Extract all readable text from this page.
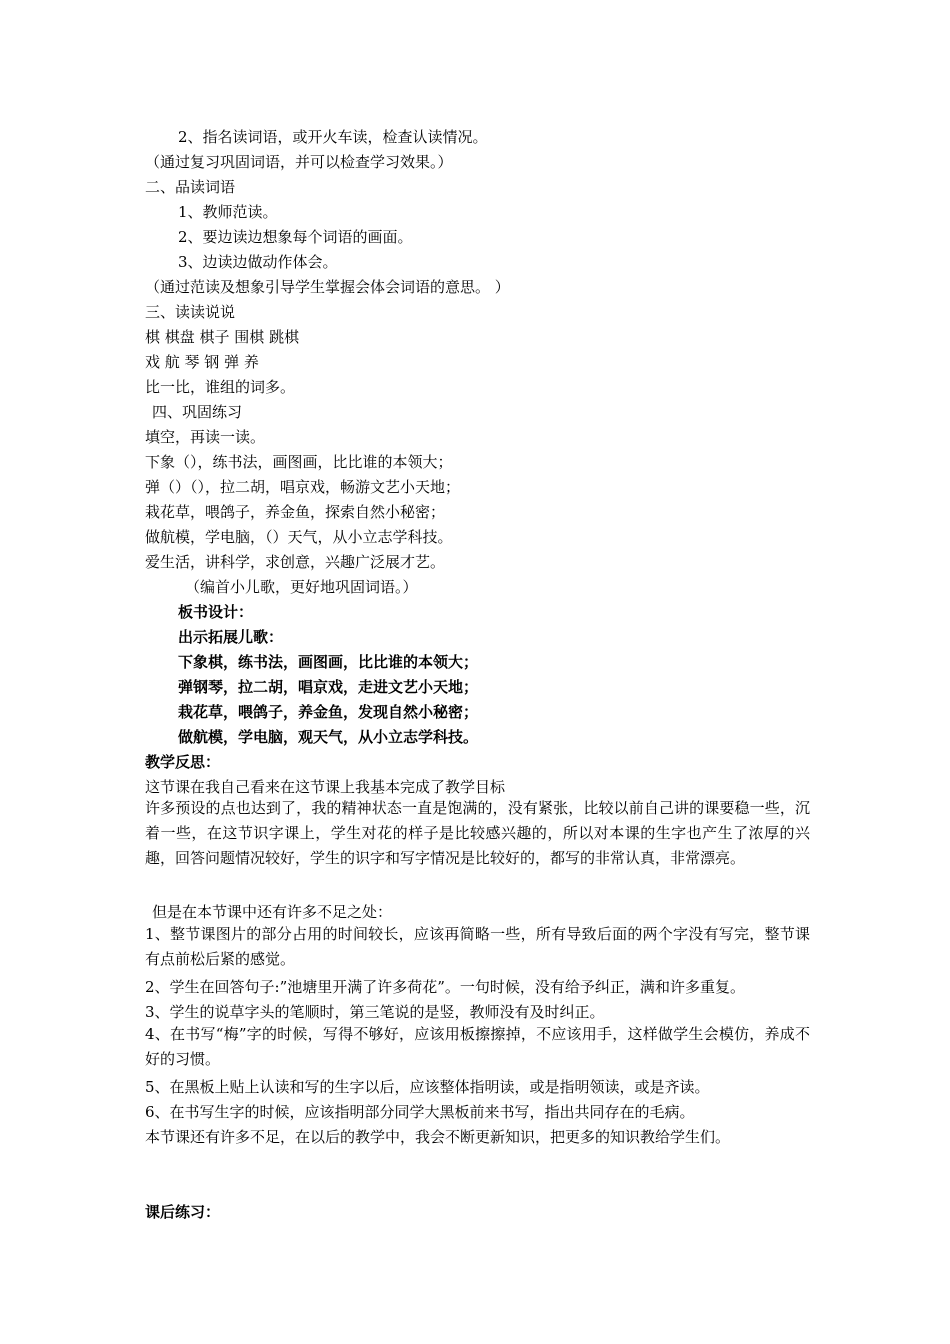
2、指名读词语，或开火车读，检查认读情况。
（通过复习巩固词语，并可以检查学习效果。）
二、品读词语
1、教师范读。
2、要边读边想象每个词语的画面。
3、边读边做动作体会。
（通过范读及想象引导学生掌握会体会词语的意思。 ）
三、读读说说
棋 棋盘 棋子 围棋 跳棋
戏 航 琴 钢 弹 养
比一比，谁组的词多。
四、巩固练习
填空，再读一读。
下象（），练书法，画图画，比比谁的本领大；
弹（）（），拉二胡，唱京戏，畅游文艺小天地；
栽花草，喂鸽子，养金鱼，探索自然小秘密；
做航模，学电脑，（）天气，从小立志学科技。
爱生活，讲科学，求创意，兴趣广泛展才艺。
（编首小儿歌，更好地巩固词语。）
板书设计：
出示拓展儿歌：
下象棋，练书法，画图画，比比谁的本领大；
弹钢琴，拉二胡，唱京戏，走进文艺小天地；
栽花草，喂鸽子，养金鱼，发现自然小秘密；
做航模，学电脑，观天气，从小立志学科技。
教学反思：
这节课在我自己看来在这节课上我基本完成了教学目标
许多预设的点也达到了，我的精神状态一直是饱满的，没有紧张，比较以前自己讲的课要稳一些，沉着一些，在这节识字课上，学生对花的样子是比较感兴趣的，所以对本课的生字也产生了浓厚的兴趣，回答问题情况较好，学生的识字和写字情况是比较好的，都写的非常认真，非常漂亮。
但是在本节课中还有许多不足之处：
1、整节课图片的部分占用的时间较长，应该再简略一些，所有导致后面的两个字没有写完，整节课有点前松后紧的感觉。
2、学生在回答句子:”池塘里开满了许多荷花”。一句时候，没有给予纠正，满和许多重复。
3、学生的说草字头的笔顺时，第三笔说的是竖，教师没有及时纠正。
4、在书写“梅”字的时候，写得不够好，应该用板擦擦掉，不应该用手，这样做学生会模仿，养成不好的习惯。
5、在黑板上贴上认读和写的生字以后，应该整体指明读，或是指明领读，或是齐读。
6、在书写生字的时候，应该指明部分同学大黑板前来书写，指出共同存在的毛病。
本节课还有许多不足，在以后的教学中，我会不断更新知识，把更多的知识教给学生们。
课后练习：
